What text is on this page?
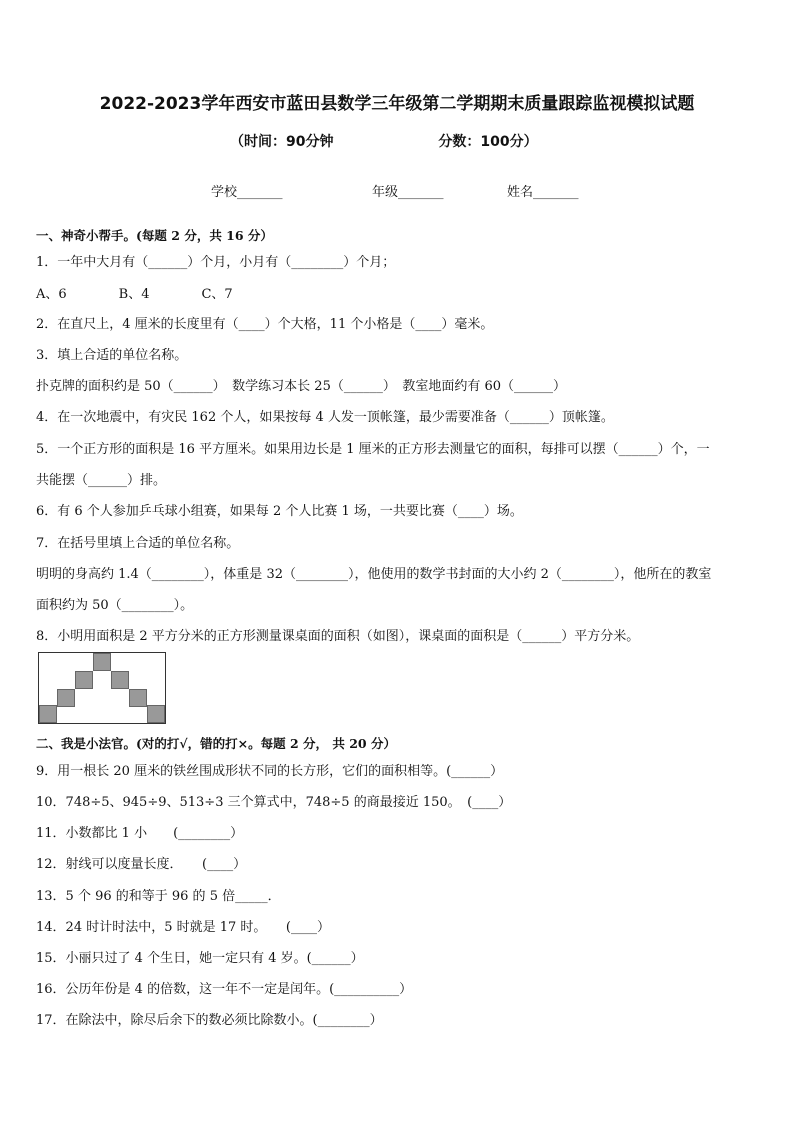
2022-2023学年西安市蓝田县数学三年级第二学期期末质量跟踪监视模拟试题
（时间：90分钟	分数：100分）
学校_______	年级_______	姓名_______
一、神奇小帮手。(每题 2 分，共 16 分）
1．一年中大月有（______）个月，小月有（________）个月；
A、6　　　　B、4　　　　C、7
2．在直尺上，4 厘米的长度里有（____）个大格，11 个小格是（____）毫米。
3．填上合适的单位名称。
扑克牌的面积约是 50（______）　数学练习本长 25（______）　教室地面约有 60（______）
4．在一次地震中，有灾民 162 个人，如果按每 4 人发一顶帐篷，最少需要准备（______）顶帐篷。
5．一个正方形的面积是 16 平方厘米。如果用边长是 1 厘米的正方形去测量它的面积，每排可以摆（______）个，一
共能摆（______）排。
6．有 6 个人参加乒乓球小组赛，如果每 2 个人比赛 1 场，一共要比赛（____）场。
7．在括号里填上合适的单位名称。
明明的身高约 1.4（________），体重是 32（________），他使用的数学书封面的大小约 2（________），他所在的教室
面积约为 50（________）。
8．小明用面积是 2 平方分米的正方形测量课桌面的面积（如图），课桌面的面积是（______）平方分米。
二、我是小法官。(对的打√，错的打×。每题 2 分， 共 20 分）
9．用一根长 20 厘米的铁丝围成形状不同的长方形，它们的面积相等。(______）
10．748÷5、945÷9、513÷3 三个算式中，748÷5 的商最接近 150。　(____）
11．小数都比 1 小　　(________）
12．射线可以度量长度．　　(____）
13．5 个 96 的和等于 96 的 5 倍_____．
14．24 时计时法中，5 时就是 17 时。　　(____）
15．小丽只过了 4 个生日，她一定只有 4 岁。(______）
16．公历年份是 4 的倍数，这一年不一定是闰年。(__________）
17．在除法中，除尽后余下的数必须比除数小。(________）
